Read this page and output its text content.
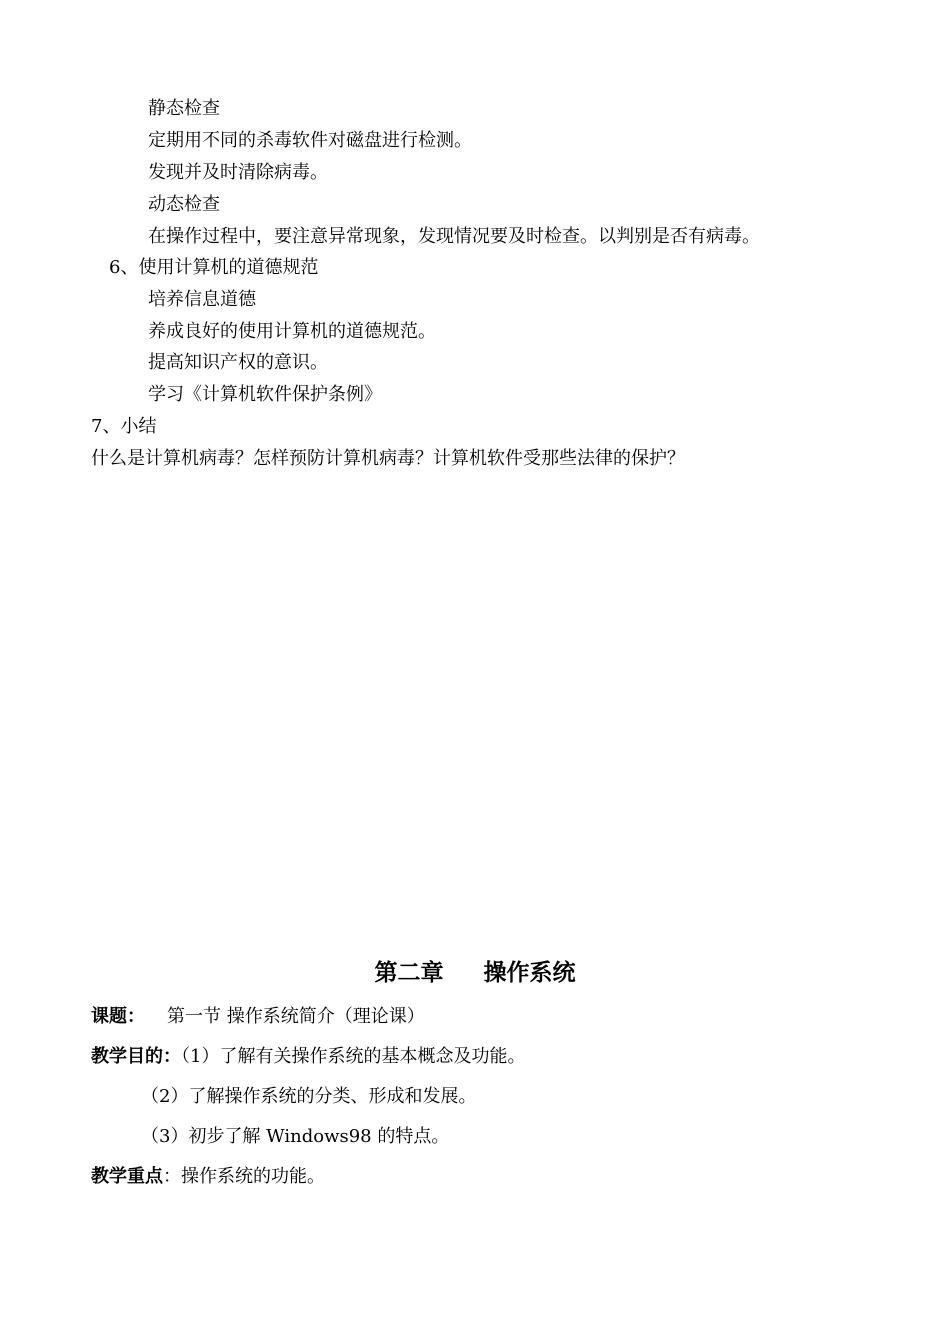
静态检查
定期用不同的杀毒软件对磁盘进行检测。
发现并及时清除病毒。
动态检查
在操作过程中，要注意异常现象，发现情况要及时检查。以判别是否有病毒。
6、使用计算机的道德规范
培养信息道德
养成良好的使用计算机的道德规范。
提高知识产权的意识。
学习《计算机软件保护条例》
7、小结
什么是计算机病毒？怎样预防计算机病毒？计算机软件受那些法律的保护？
第二章     操作系统
课题： 第一节 操作系统简介（理论课）
教学目的：（1）了解有关操作系统的基本概念及功能。
（2）了解操作系统的分类、形成和发展。
（3）初步了解 Windows98 的特点。
教学重点：操作系统的功能。
